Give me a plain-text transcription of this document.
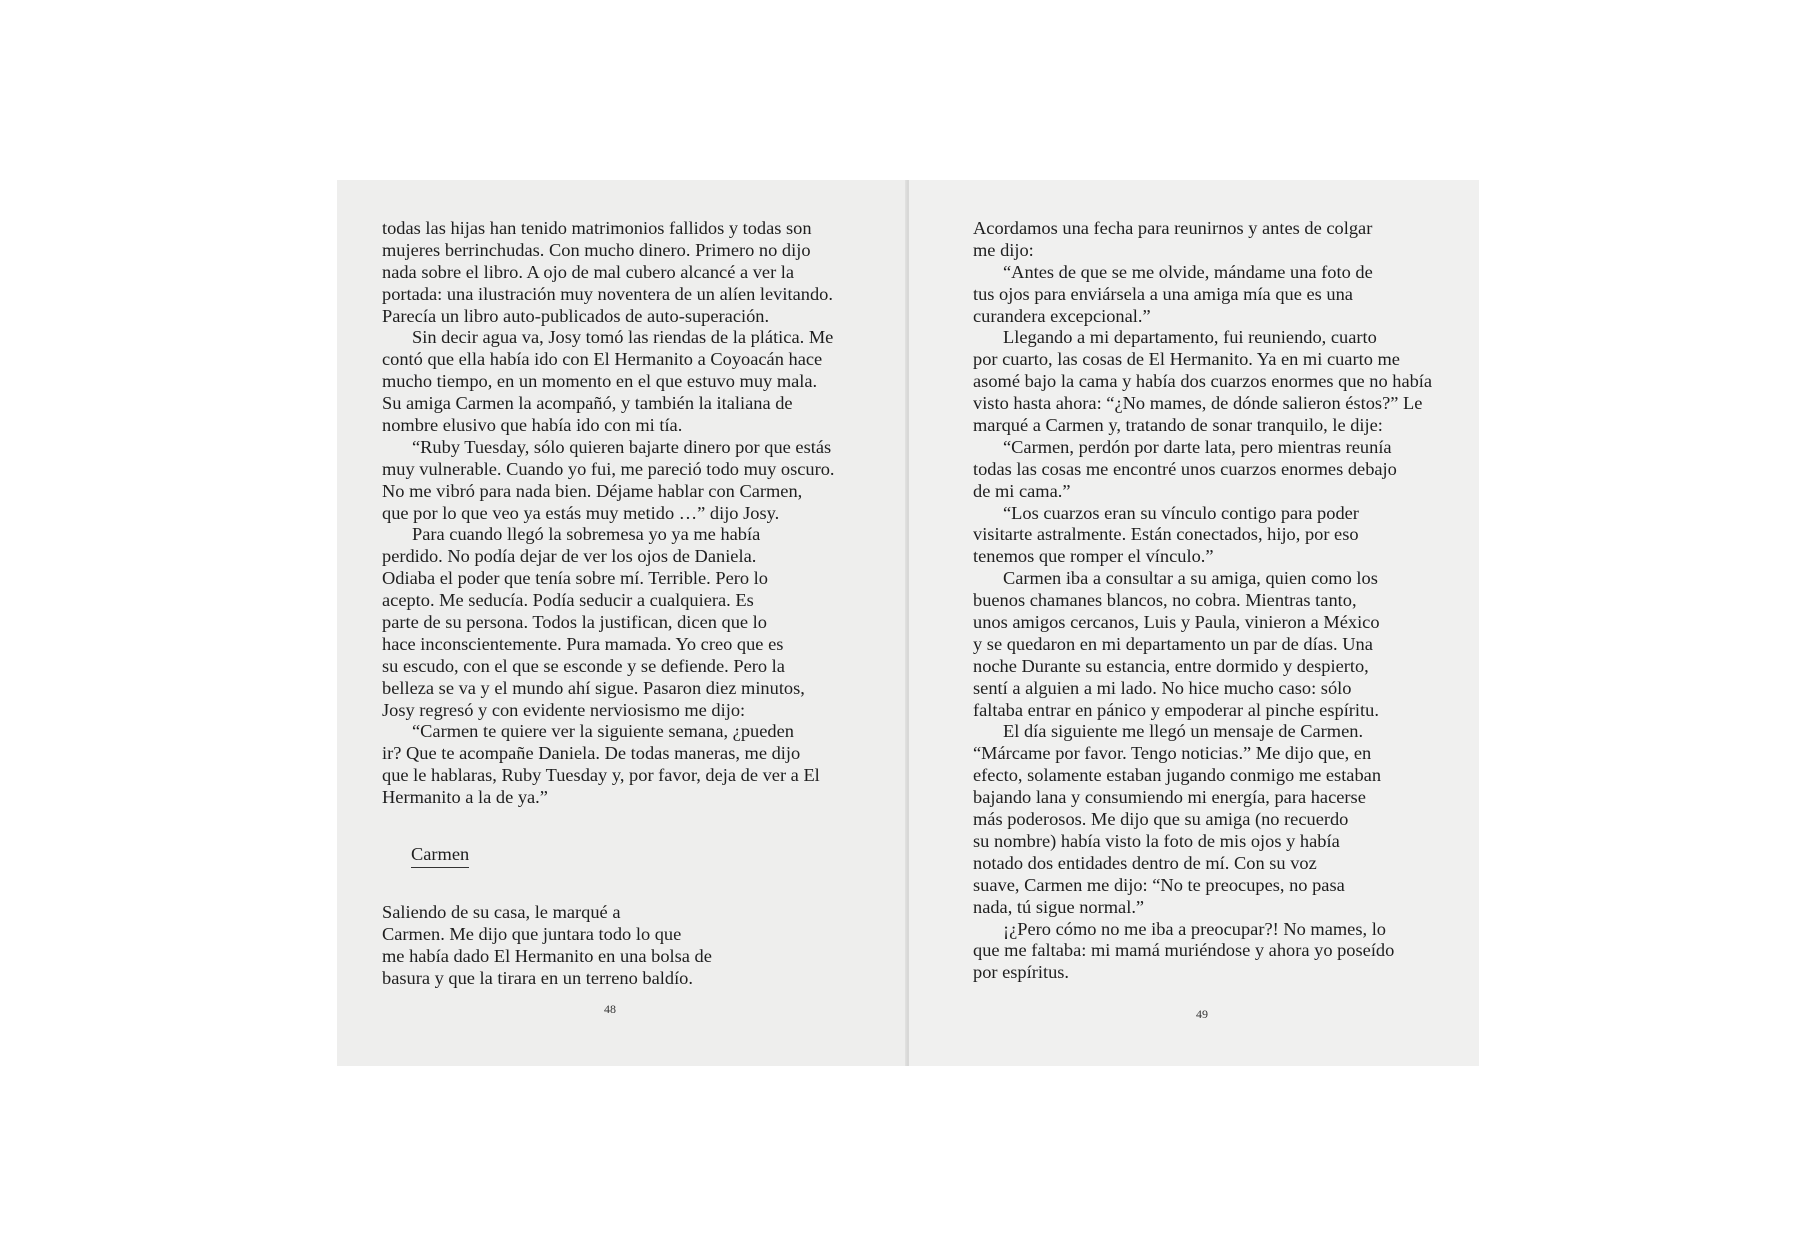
todas las hijas han tenido matrimonios fallidos y todas son
mujeres berrinchudas. Con mucho dinero. Primero no dijo
nada sobre el libro. A ojo de mal cubero alcancé a ver la
portada: una ilustración muy noventera de un alíen levitando.
Parecía un libro auto-publicados de auto-superación.
Sin decir agua va, Josy tomó las riendas de la plática. Me
contó que ella había ido con El Hermanito a Coyoacán hace
mucho tiempo, en un momento en el que estuvo muy mala.
Su amiga Carmen la acompañó, y también la italiana de
nombre elusivo que había ido con mi tía.
“Ruby Tuesday, sólo quieren bajarte dinero por que estás
muy vulnerable. Cuando yo fui, me pareció todo muy oscuro.
No me vibró para nada bien. Déjame hablar con Carmen,
que por lo que veo ya estás muy metido …” dijo Josy.
Para cuando llegó la sobremesa yo ya me había
perdido. No podía dejar de ver los ojos de Daniela.
Odiaba el poder que tenía sobre mí. Terrible. Pero lo
acepto. Me seducía. Podía seducir a cualquiera. Es
parte de su persona. Todos la justifican, dicen que lo
hace inconscientemente. Pura mamada. Yo creo que es
su escudo, con el que se esconde y se defiende. Pero la
belleza se va y el mundo ahí sigue. Pasaron diez minutos,
Josy regresó y con evidente nerviosismo me dijo:
“Carmen te quiere ver la siguiente semana, ¿pueden
ir? Que te acompañe Daniela. De todas maneras, me dijo
que le hablaras, Ruby Tuesday y, por favor, deja de ver a El
Hermanito a la de ya.”
Carmen
Saliendo de su casa, le marqué a
Carmen. Me dijo que juntara todo lo que
me había dado El Hermanito en una bolsa de
basura y que la tirara en un terreno baldío.
48
Acordamos una fecha para reunirnos y antes de colgar
me dijo:
“Antes de que se me olvide, mándame una foto de
tus ojos para enviársela a una amiga mía que es una
curandera excepcional.”
Llegando a mi departamento, fui reuniendo, cuarto
por cuarto, las cosas de El Hermanito. Ya en mi cuarto me
asomé bajo la cama y había dos cuarzos enormes que no había
visto hasta ahora: “¿No mames, de dónde salieron éstos?” Le
marqué a Carmen y, tratando de sonar tranquilo, le dije:
“Carmen, perdón por darte lata, pero mientras reunía
todas las cosas me encontré unos cuarzos enormes debajo
de mi cama.”
“Los cuarzos eran su vínculo contigo para poder
visitarte astralmente. Están conectados, hijo, por eso
tenemos que romper el vínculo.”
Carmen iba a consultar a su amiga, quien como los
buenos chamanes blancos, no cobra. Mientras tanto,
unos amigos cercanos, Luis y Paula, vinieron a México
y se quedaron en mi departamento un par de días. Una
noche Durante su estancia, entre dormido y despierto,
sentí a alguien a mi lado. No hice mucho caso: sólo
faltaba entrar en pánico y empoderar al pinche espíritu.
El día siguiente me llegó un mensaje de Carmen.
“Márcame por favor. Tengo noticias.” Me dijo que, en
efecto, solamente estaban jugando conmigo me estaban
bajando lana y consumiendo mi energía, para hacerse
más poderosos. Me dijo que su amiga (no recuerdo
su nombre) había visto la foto de mis ojos y había
notado dos entidades dentro de mí. Con su voz
suave, Carmen me dijo: “No te preocupes, no pasa
nada, tú sigue normal.”
¡¿Pero cómo no me iba a preocupar?! No mames, lo
que me faltaba: mi mamá muriéndose y ahora yo poseído
por espíritus.
49
